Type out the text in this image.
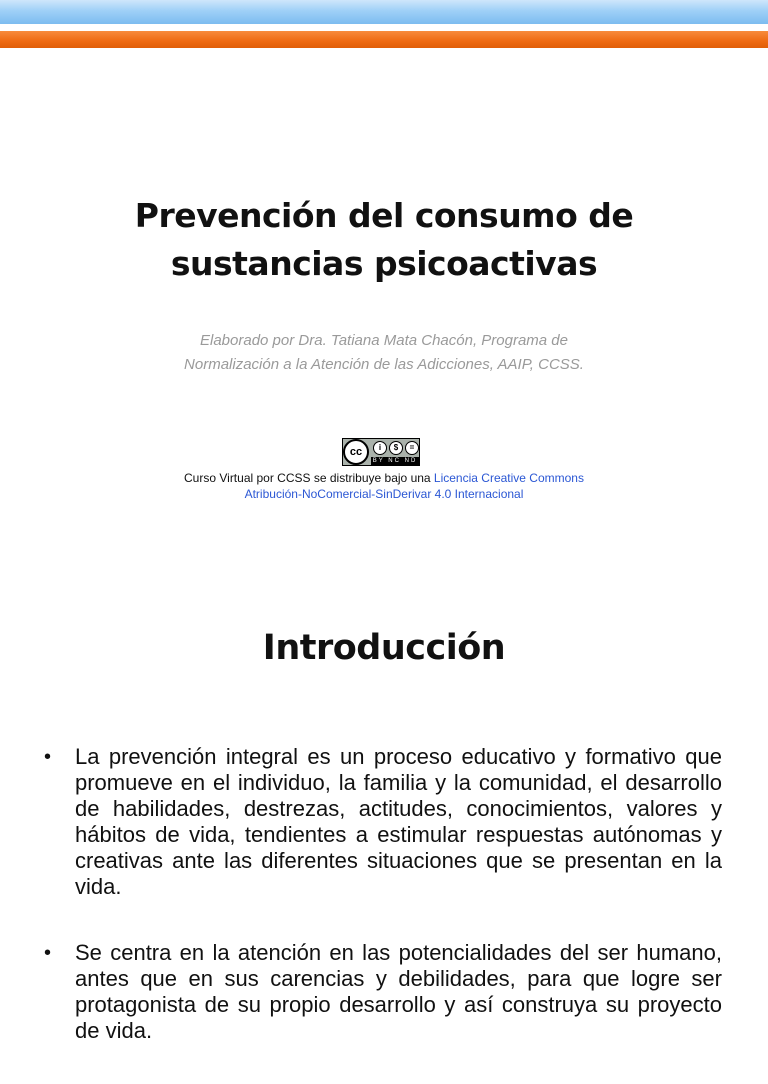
Prevención del consumo de
sustancias psicoactivas
Elaborado por Dra. Tatiana Mata Chacón, Programa de
Normalización a la Atención de las Adicciones, AAIP, CCSS.
cc	i	$	=
BY NC ND
Curso Virtual por CCSS se distribuye bajo una Licencia Creative Commons
Atribución-NoComercial-SinDerivar 4.0 Internacional
Introducción
• La prevención integral es un proceso educativo y formativo que promueve en el individuo, la familia y la comunidad, el desarrollo de habilidades, destrezas, actitudes, conocimientos, valores y hábitos de vida, tendientes a estimular respuestas autónomas y creativas ante las diferentes situaciones que se presentan en la vida.
• Se centra en la atención en las potencialidades del ser humano, antes que en sus carencias y debilidades, para que logre ser protagonista de su propio desarrollo y así construya su proyecto de vida.
